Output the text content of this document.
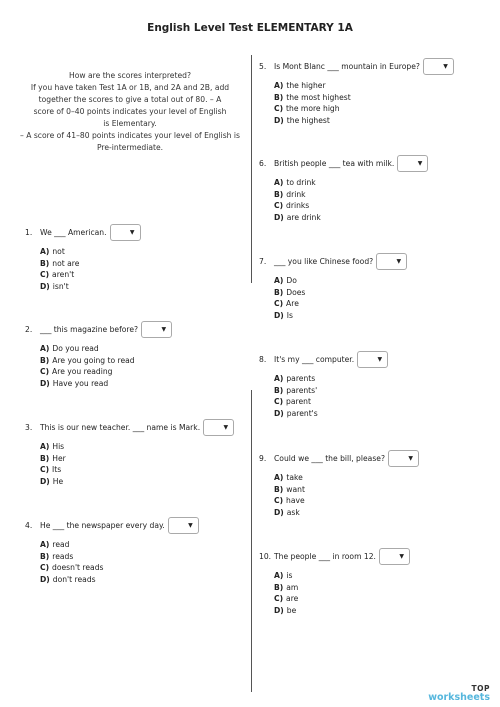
English Level Test ELEMENTARY 1A
How are the scores interpreted?
If you have taken Test 1A or 1B, and 2A and 2B, add
together the scores to give a total out of 80. – A
score of 0–40 points indicates your level of English
is Elementary.
– A score of 41–80 points indicates your level of English is
Pre-intermediate.
1.	We ___ American.	▼
A) not
B) not are
C) aren't
D) isn't
2.	___ this magazine before?	▼
A) Do you read
B) Are you going to read
C) Are you reading
D) Have you read
3.	This is our new teacher. ___ name is Mark.	▼
A) His
B) Her
C) Its
D) He
4.	He ___ the newspaper every day.	▼
A) read
B) reads
C) doesn't reads
D) don't reads
5.	Is Mont Blanc ___ mountain in Europe?	▼
A) the higher
B) the most highest
C) the more high
D) the highest
6.	British people ___ tea with milk.	▼
A) to drink
B) drink
C) drinks
D) are drink
7.	___ you like Chinese food?	▼
A) Do
B) Does
C) Are
D) Is
8.	It's my ___ computer.	▼
A) parents
B) parents'
C) parent
D) parent's
9.	Could we ___ the bill, please?	▼
A) take
B) want
C) have
D) ask
10. The people ___ in room 12.	▼
A) is
B) am
C) are
D) be
TOP
worksheets
